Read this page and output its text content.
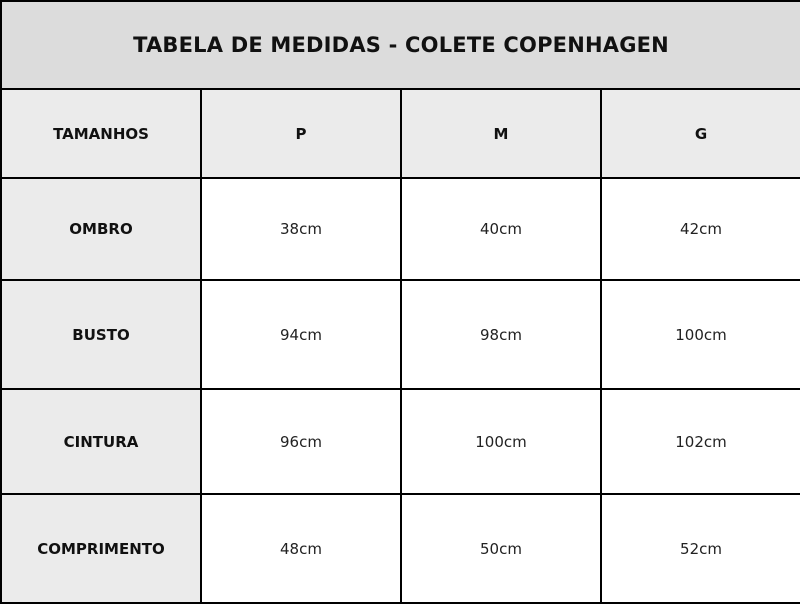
TABELA DE MEDIDAS - COLETE COPENHAGEN			
TAMANHOS	P	M	G
OMBRO	38cm	40cm	42cm
BUSTO	94cm	98cm	100cm
CINTURA	96cm	100cm	102cm
COMPRIMENTO	48cm	50cm	52cm
